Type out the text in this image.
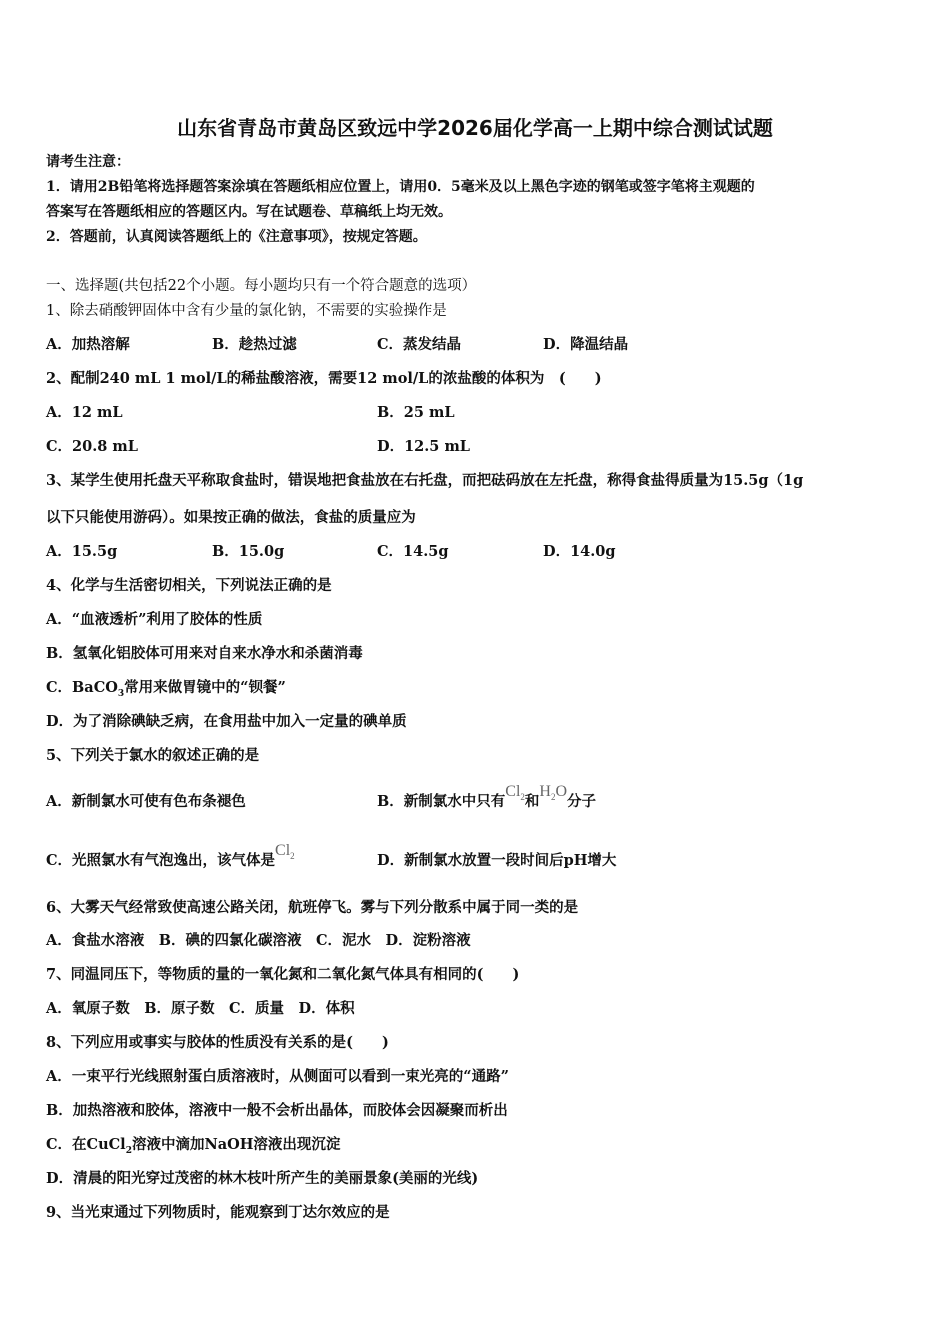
山东省青岛市黄岛区致远中学2026届化学高一上期中综合测试试题
请考生注意：
1．请用2B铅笔将选择题答案涂填在答题纸相应位置上，请用0．5毫米及以上黑色字迹的钢笔或签字笔将主观题的
答案写在答题纸相应的答题区内。写在试题卷、草稿纸上均无效。
2．答题前，认真阅读答题纸上的《注意事项》，按规定答题。
一、选择题(共包括22个小题。每小题均只有一个符合题意的选项）
1、除去硝酸钾固体中含有少量的氯化钠，不需要的实验操作是
A．加热溶解	B．趁热过滤	C．蒸发结晶	D．降温结晶
2、配制240 mL 1 mol/L的稀盐酸溶液，需要12 mol/L的浓盐酸的体积为　(　　)
A．12 mL	B．25 mL
C．20.8 mL	D．12.5 mL
3、某学生使用托盘天平称取食盐时，错误地把食盐放在右托盘，而把砝码放在左托盘，称得食盐得质量为15.5g（1g
以下只能使用游码）。如果按正确的做法，食盐的质量应为
A．15.5g	B．15.0g	C．14.5g	D．14.0g
4、化学与生活密切相关，下列说法正确的是
A．“血液透析”利用了胶体的性质
B．氢氧化铝胶体可用来对自来水净水和杀菌消毒
C．BaCO$_3$常用来做胃镜中的“钡餐”
D．为了消除碘缺乏病，在食用盐中加入一定量的碘单质
5、下列关于氯水的叙述正确的是
A．新制氯水可使有色布条褪色	B．新制氯水中只有$Cl_2$和$H_2O$分子
C．光照氯水有气泡逸出，该气体是$Cl_2$	D．新制氯水放置一段时间后pH增大
6、大雾天气经常致使高速公路关闭，航班停飞。雾与下列分散系中属于同一类的是
A．食盐水溶液　B．碘的四氯化碳溶液　C．泥水　D．淀粉溶液
7、同温同压下，等物质的量的一氧化氮和二氧化氮气体具有相同的(　　)
A．氧原子数　B．原子数　C．质量　D．体积
8、下列应用或事实与胶体的性质没有关系的是(　　)
A．一束平行光线照射蛋白质溶液时，从侧面可以看到一束光亮的“通路”
B．加热溶液和胶体，溶液中一般不会析出晶体，而胶体会因凝聚而析出
C．在CuCl$_2$溶液中滴加NaOH溶液出现沉淀
D．清晨的阳光穿过茂密的林木枝叶所产生的美丽景象(美丽的光线)
9、当光束通过下列物质时，能观察到丁达尔效应的是
